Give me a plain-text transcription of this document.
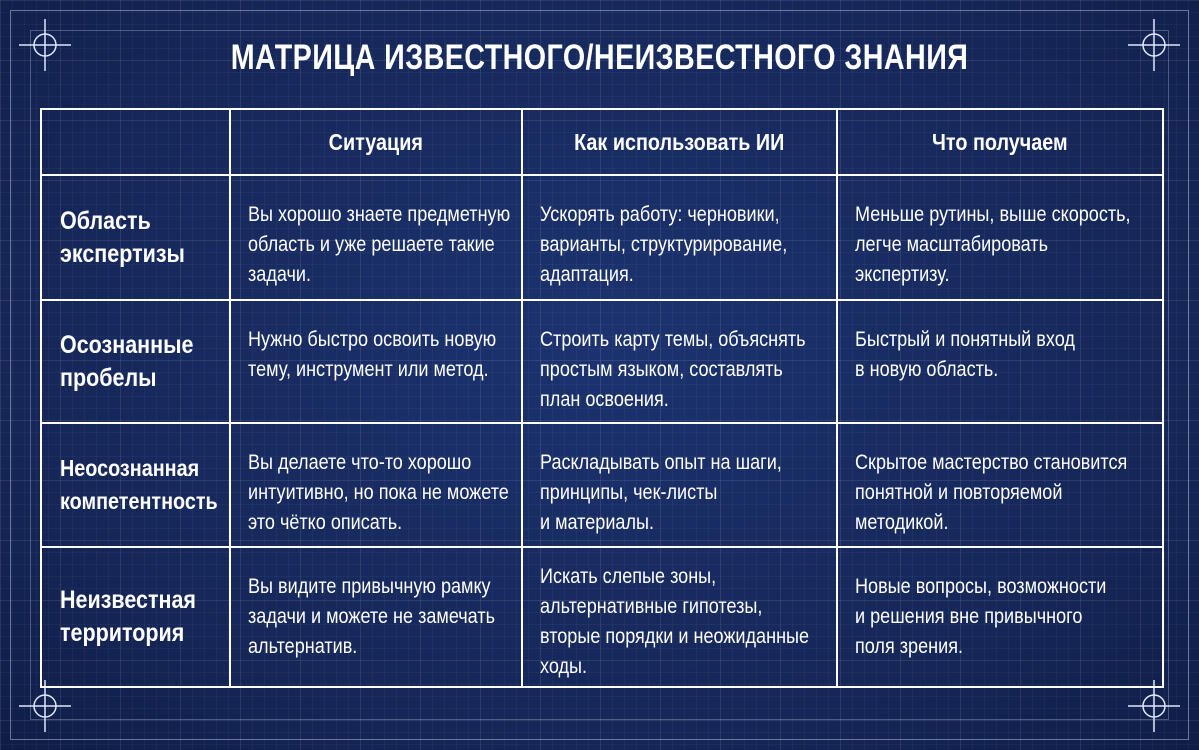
МАТРИЦА ИЗВЕСТНОГО/НЕИЗВЕСТНОГО ЗНАНИЯ
	Ситуация	Как использовать ИИ	Что получаем
Область экспертизы	Вы хорошо знаете предметную область и уже решаете такие задачи.	Ускорять работу: черновики, варианты, структурирование, адаптация.	Меньше рутины, выше скорость, легче масштабировать экспертизу.
Осознанные пробелы	Нужно быстро освоить новую тему, инструмент или метод.	Строить карту темы, объяснять простым языком, составлять план освоения.	Быстрый и понятный вход в новую область.
Неосознанная компетентность	Вы делаете что-то хорошо интуитивно, но пока не можете это чётко описать.	Раскладывать опыт на шаги, принципы, чек-листы и материалы.	Скрытое мастерство становится понятной и повторяемой методикой.
Неизвестная территория	Вы видите привычную рамку задачи и можете не замечать альтернатив.	Искать слепые зоны, альтернативные гипотезы, вторые порядки и неожиданные ходы.	Новые вопросы, возможности и решения вне привычного поля зрения.
